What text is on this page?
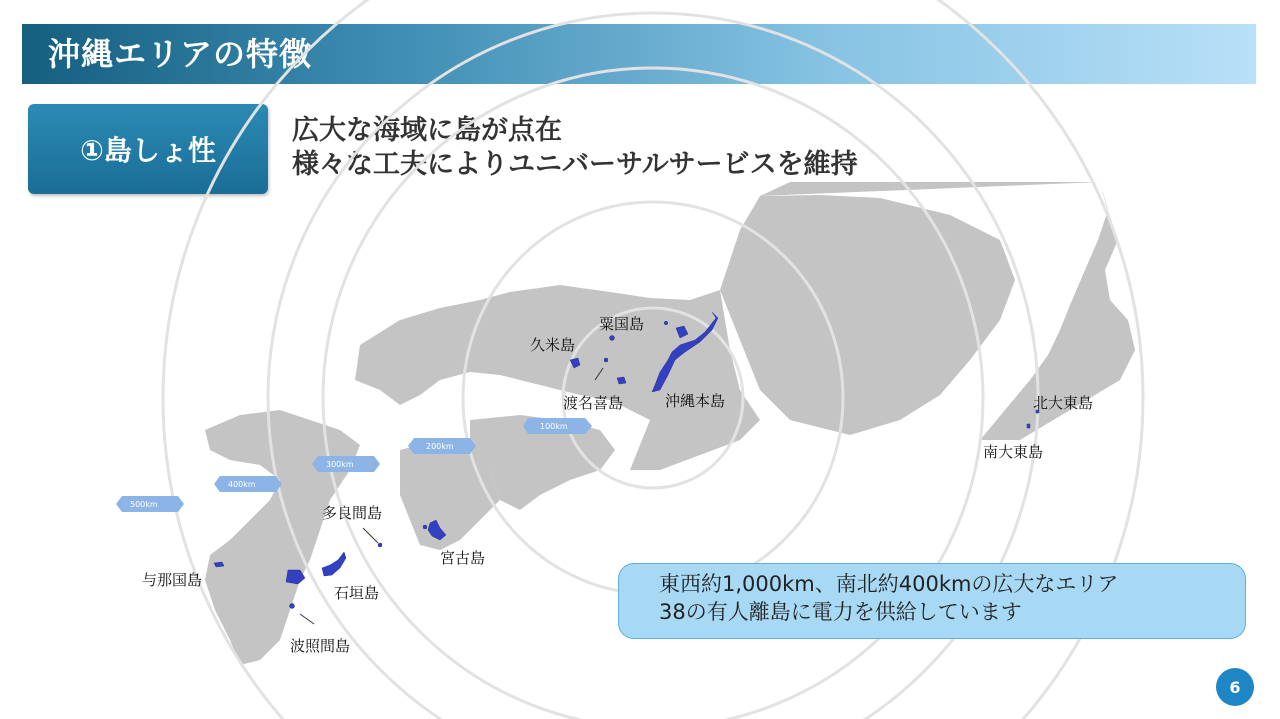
沖縄エリアの特徴
①島しょ性
広大な海域に島が点在
様々な工夫によりユニバーサルサービスを維持
100km
200km
300km
400km
500km
粟国島
久米島
渡名喜島	沖縄本島	北大東島
南大東島
多良間島
宮古島
与那国島
石垣島
波照間島
東西約1,000km、南北約400kmの広大なエリア
38の有人離島に電力を供給しています
6
